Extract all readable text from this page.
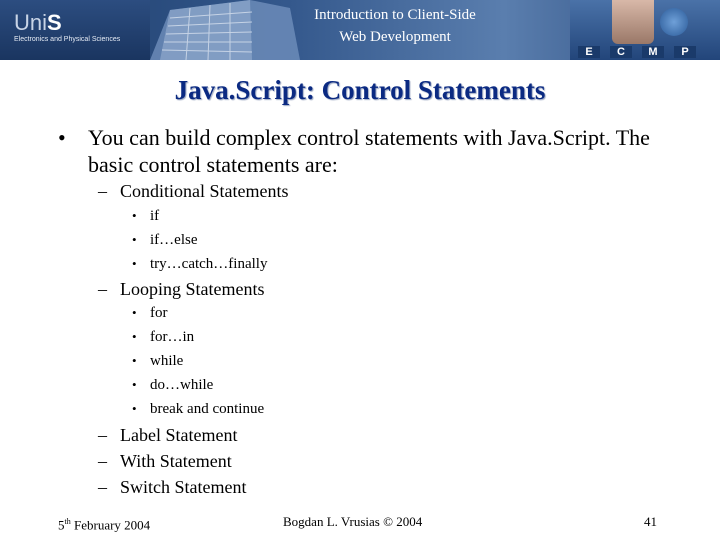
UniS
Electronics and Physical Sciences
Introduction to Client-Side
Web Development
E	C	M	P
Java.Script: Control Statements
• You can build complex control statements with Java.Script. The basic control statements are:
– Conditional Statements
• if
• if…else
• try…catch…finally
– Looping Statements
• for
• for…in
• while
• do…while
• break and continue
– Label Statement
– With Statement
– Switch Statement
5th February 2004	Bogdan L. Vrusias © 2004	41
